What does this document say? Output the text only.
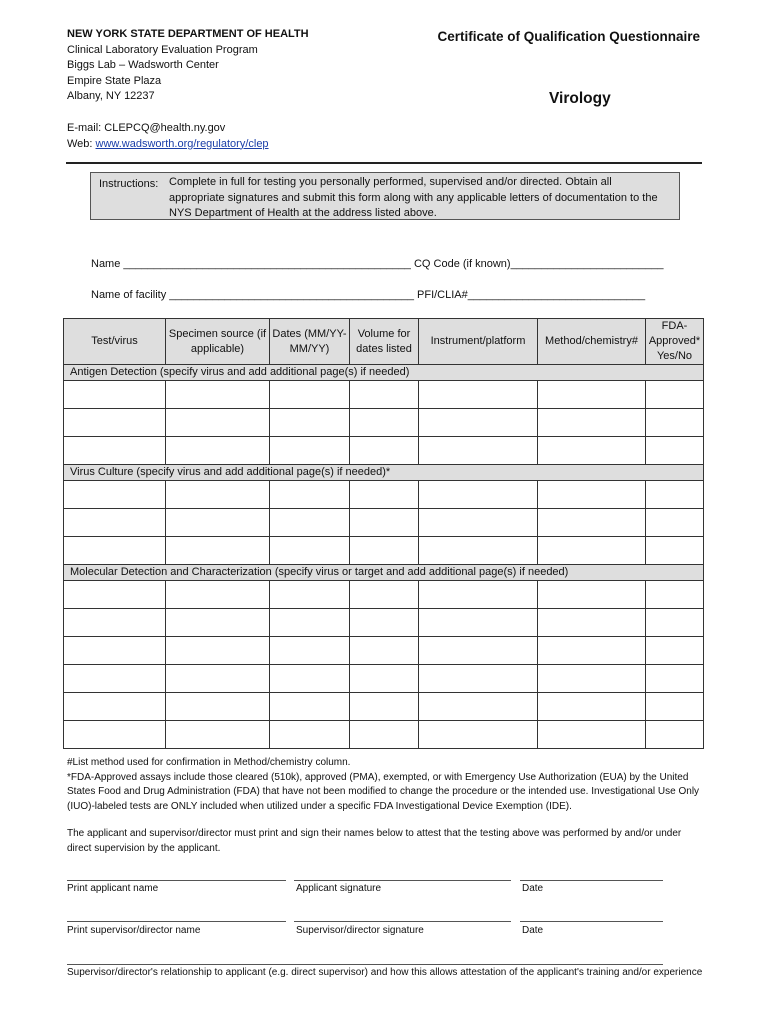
NEW YORK STATE DEPARTMENT OF HEALTH
Clinical Laboratory Evaluation Program
Biggs Lab – Wadsworth Center
Empire State Plaza
Albany, NY 12237
Certificate of Qualification Questionnaire
Virology
E-mail: CLEPCQ@health.ny.gov
Web: www.wadsworth.org/regulatory/clep
Instructions: Complete in full for testing you personally performed, supervised and/or directed. Obtain all appropriate signatures and submit this form along with any applicable letters of documentation to the NYS Department of Health at the address listed above.
Name _______________________________________________ CQ Code (if known)_________________________
Name of facility ________________________________________ PFI/CLIA#_____________________________
Test/virus	Specimen source (if applicable)	Dates (MM/YY-MM/YY)	Volume for dates listed	Instrument/platform	Method/chemistry#	FDA-Approved* Yes/No
Antigen Detection (specify virus and add additional page(s) if needed)						

Virus Culture (specify virus and add additional page(s) if needed)*						

Molecular Detection and Characterization (specify virus or target and add additional page(s) if needed)						

#List method used for confirmation in Method/chemistry column.
*FDA-Approved assays include those cleared (510k), approved (PMA), exempted, or with Emergency Use Authorization (EUA) by the United States Food and Drug Administration (FDA) that have not been modified to change the procedure or the intended use. Investigational Use Only (IUO)-labeled tests are ONLY included when utilized under a specific FDA Investigational Device Exemption (IDE).
The applicant and supervisor/director must print and sign their names below to attest that the testing above was performed by and/or under direct supervision by the applicant.
Print applicant name	Applicant signature	Date
Print supervisor/director name	Supervisor/director signature	Date
Supervisor/director's relationship to applicant (e.g. direct supervisor) and how this allows attestation of the applicant's training and/or experience
